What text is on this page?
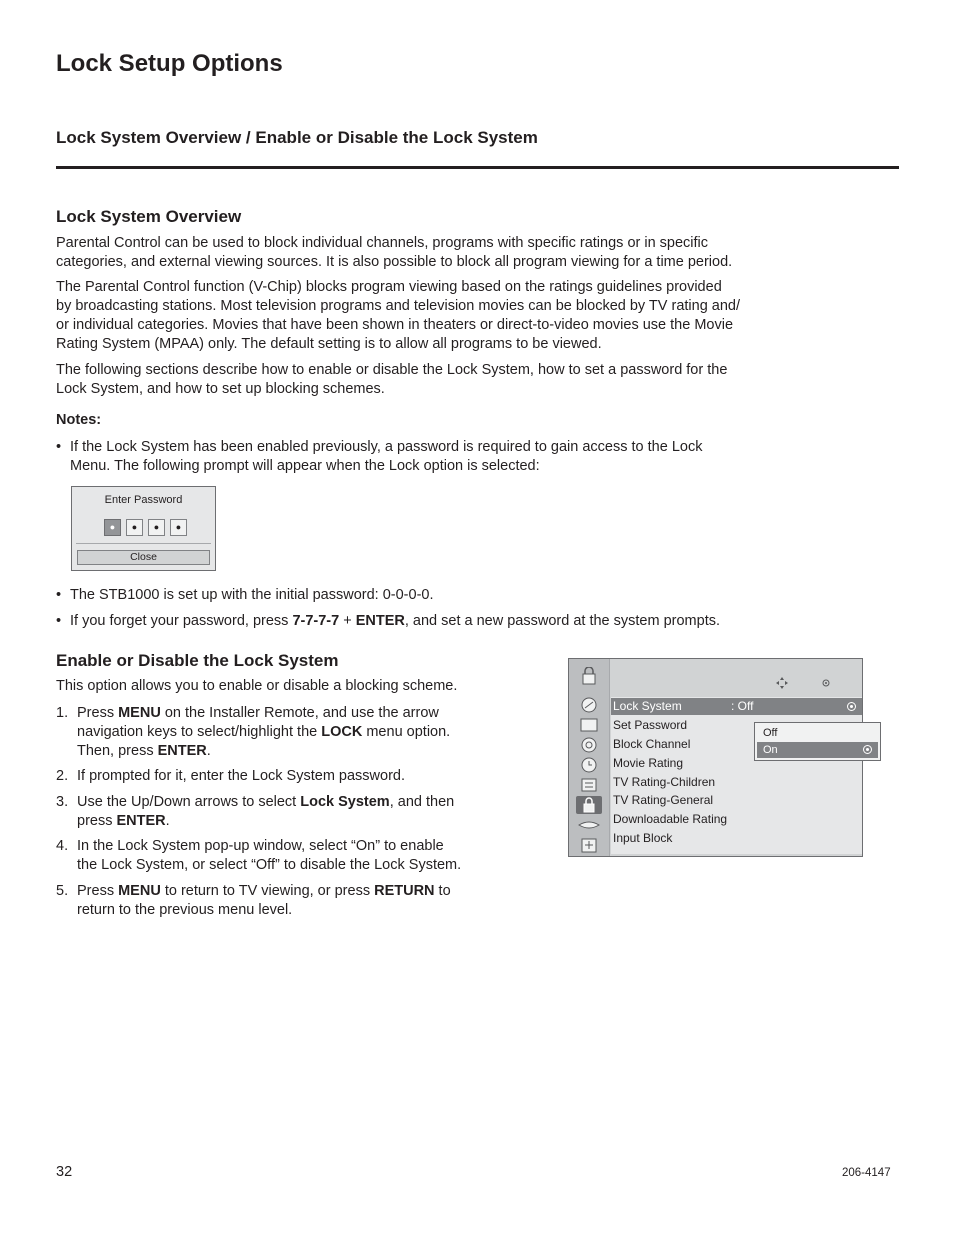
Lock Setup Options
Lock System Overview / Enable or Disable the Lock System
Lock System Overview
Parental Control can be used to block individual channels, programs with specific ratings or in specific
categories, and external viewing sources. It is also possible to block all program viewing for a time period.
The Parental Control function (V-Chip) blocks program viewing based on the ratings guidelines provided
by broadcasting stations. Most television programs and television movies can be blocked by TV rating and/
or individual categories. Movies that have been shown in theaters or direct-to-video movies use the Movie
Rating System (MPAA) only. The default setting is to allow all programs to be viewed.
The following sections describe how to enable or disable the Lock System, how to set a password for the
Lock System, and how to set up blocking schemes.
Notes:
• If the Lock System has been enabled previously, a password is required to gain access to the Lock
Menu. The following prompt will appear when the Lock option is selected:
Enter Password
●	●	●	●
Close
• The STB1000 is set up with the initial password: 0-0-0-0.
• If you forget your password, press 7-7-7-7 + ENTER, and set a new password at the system prompts.
Enable or Disable the Lock System
This option allows you to enable or disable a blocking scheme.
1. Press MENU on the Installer Remote, and use the arrow
navigation keys to select/highlight the LOCK menu option.
Then, press ENTER.
2. If prompted for it, enter the Lock System password.
3. Use the Up/Down arrows to select Lock System, and then
press ENTER.
4. In the Lock System pop-up window, select “On” to enable
the Lock System, or select “Off” to disable the Lock System.
5. Press MENU to return to TV viewing, or press RETURN to
return to the previous menu level.
Lock System	: Off
Set Password
Block Channel
Movie Rating
TV Rating-Children
TV Rating-General
Downloadable Rating
Input Block
Off
On
32	206-4147
